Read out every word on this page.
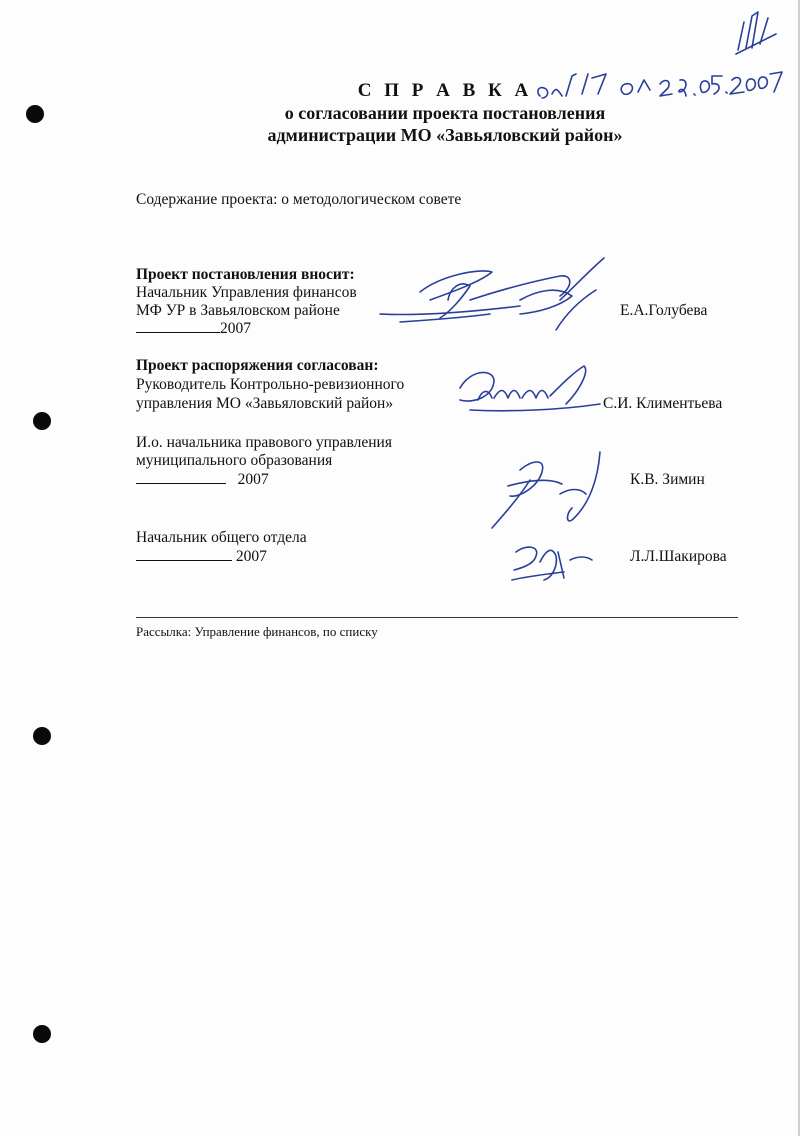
С П Р А В К А
о согласовании проекта постановления
администрации МО «Завьяловский район»
Содержание проекта: о методологическом совете
Проект постановления вносит:
Начальник Управления финансов
МФ УР в Завьяловском районе
2007
Е.А.Голубева
Проект распоряжения согласован:
Руководитель Контрольно-ревизионного
управления МО «Завьяловский район»	С.И. Климентьева
И.о. начальника правового управления
муниципального образования
2007	К.В. Зимин
Начальник общего отдела
2007	Л.Л.Шакирова
Рассылка: Управление финансов, по списку
